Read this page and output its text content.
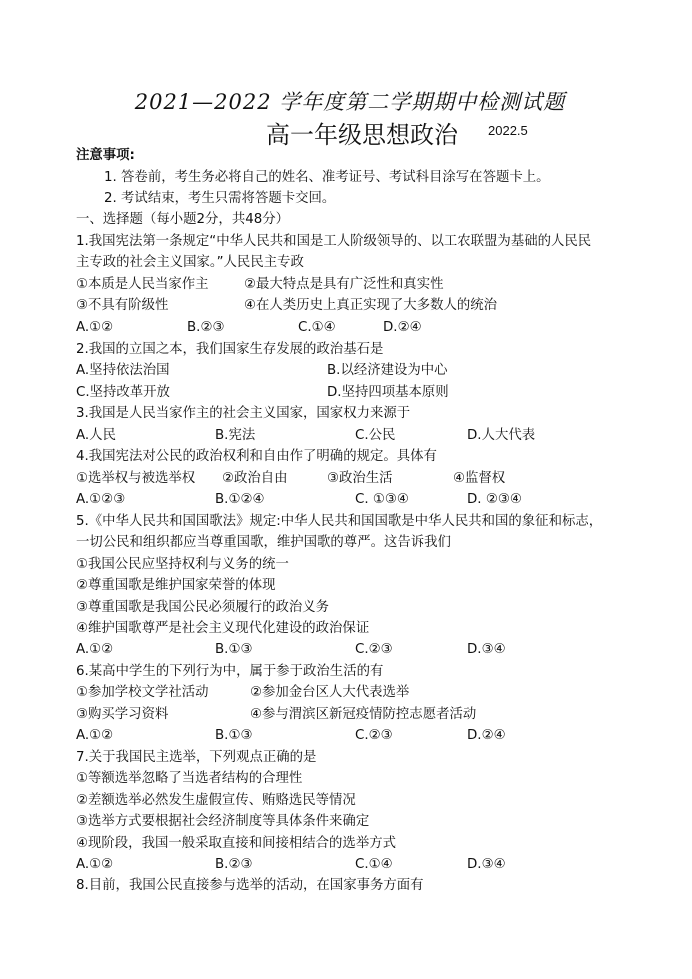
2021—2022 学年度第二学期期中检测试题
高一年级思想政治 2022.5
注意事项:
1. 答卷前，考生务必将自己的姓名、准考证号、考试科目涂写在答题卡上。
2. 考试结束，考生只需将答题卡交回。
一、选择题（每小题2分，共48分）
1.我国宪法第一条规定“中华人民共和国是工人阶级领导的、以工农联盟为基础的人民民
主专政的社会主义国家。”人民民主专政
①本质是人民当家作主	②最大特点是具有广泛性和真实性
③不具有阶级性	④在人类历史上真正实现了大多数人的统治
A.①②	B.②③	C.①④	D.②④
2.我国的立国之本，我们国家生存发展的政治基石是
A.坚持依法治国	B.以经济建设为中心
C.坚持改革开放	D.坚持四项基本原则
3.我国是人民当家作主的社会主义国家，国家权力来源于
A.人民	B.宪法	C.公民	D.人大代表
4.我国宪法对公民的政治权利和自由作了明确的规定。具体有
①选举权与被选举权 ②政治自由	③政治生活	④监督权
A.①②③	B.①②④	C. ①③④	D. ②③④
5.《中华人民共和国国歌法》规定:中华人民共和国国歌是中华人民共和国的象征和标志，
一切公民和组织都应当尊重国歌，维护国歌的尊严。这告诉我们
①我国公民应坚持权利与义务的统一
②尊重国歌是维护国家荣誉的体现
③尊重国歌是我国公民必须履行的政治义务
④维护国歌尊严是社会主义现代化建设的政治保证
A.①②	B.①③	C.②③	D.③④
6.某高中学生的下列行为中，属于参于政治生活的有
①参加学校文学社活动	②参加金台区人大代表选举
③购买学习资料	④参与渭滨区新冠疫情防控志愿者活动
A.①②	B.①③	C.②③	D.②④
7.关于我国民主选举，下列观点正确的是
①等额选举忽略了当选者结构的合理性
②差额选举必然发生虚假宣传、贿赂选民等情况
③选举方式要根据社会经济制度等具体条件来确定
④现阶段，我国一般采取直接和间接相结合的选举方式
A.①②	B.②③	C.①④	D.③④
8.目前，我国公民直接参与选举的活动，在国家事务方面有
